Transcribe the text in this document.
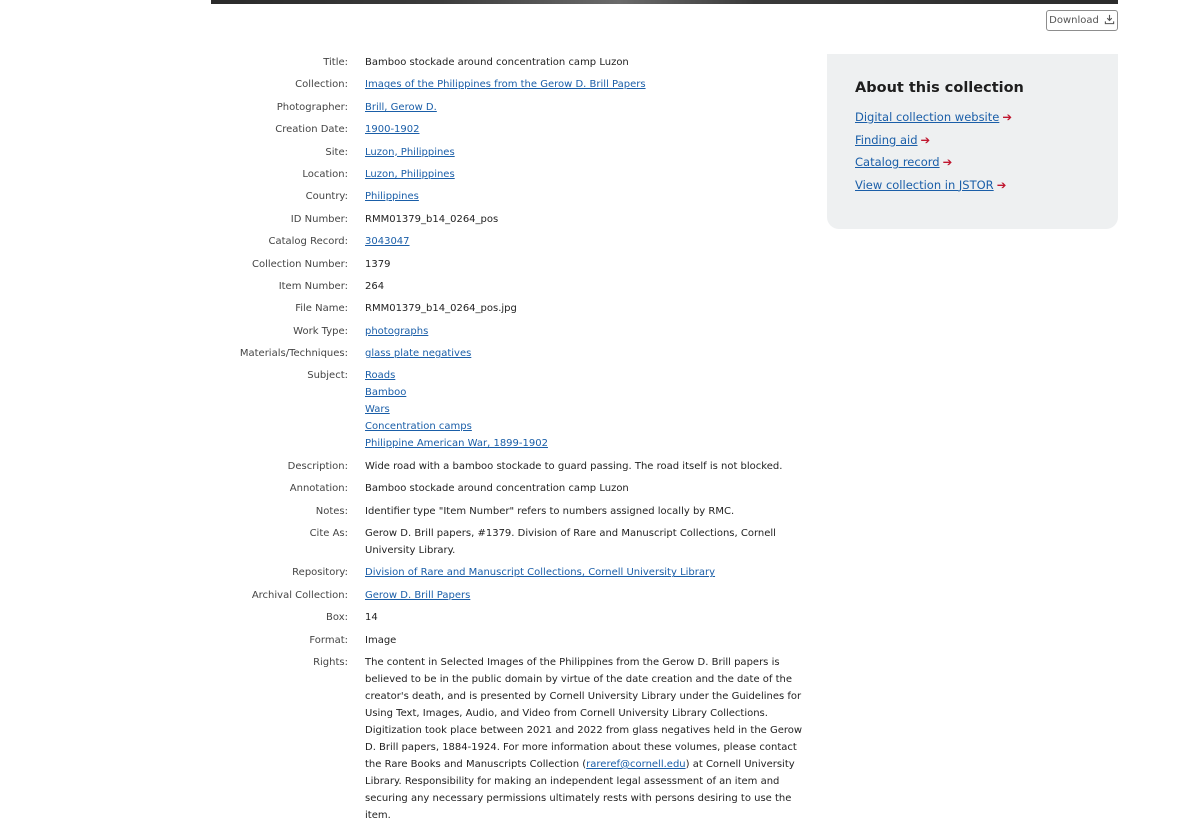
Download
Title: Bamboo stockade around concentration camp Luzon
Collection: Images of the Philippines from the Gerow D. Brill Papers
Photographer: Brill, Gerow D.
Creation Date: 1900-1902
Site: Luzon, Philippines
Location: Luzon, Philippines
Country: Philippines
ID Number: RMM01379_b14_0264_pos
Catalog Record: 3043047
Collection Number: 1379
Item Number: 264
File Name: RMM01379_b14_0264_pos.jpg
Work Type: photographs
Materials/Techniques: glass plate negatives
Subject: Roads
Bamboo
Wars
Concentration camps
Philippine American War, 1899-1902
Description: Wide road with a bamboo stockade to guard passing. The road itself is not blocked.
Annotation: Bamboo stockade around concentration camp Luzon
Notes: Identifier type "Item Number" refers to numbers assigned locally by RMC.
Cite As: Gerow D. Brill papers, #1379. Division of Rare and Manuscript Collections, Cornell University Library.
Repository: Division of Rare and Manuscript Collections, Cornell University Library
Archival Collection: Gerow D. Brill Papers
Box: 14
Format: Image
Rights: The content in Selected Images of the Philippines from the Gerow D. Brill papers is believed to be in the public domain by virtue of the date creation and the date of the creator's death, and is presented by Cornell University Library under the Guidelines for Using Text, Images, Audio, and Video from Cornell University Library Collections. Digitization took place between 2021 and 2022 from glass negatives held in the Gerow D. Brill papers, 1884-1924. For more information about these volumes, please contact the Rare Books and Manuscripts Collection (rareref@cornell.edu) at Cornell University Library. Responsibility for making an independent legal assessment of an item and securing any necessary permissions ultimately rests with persons desiring to use the item.
About this collection
Digital collection website ➔
Finding aid ➔
Catalog record ➔
View collection in JSTOR ➔
